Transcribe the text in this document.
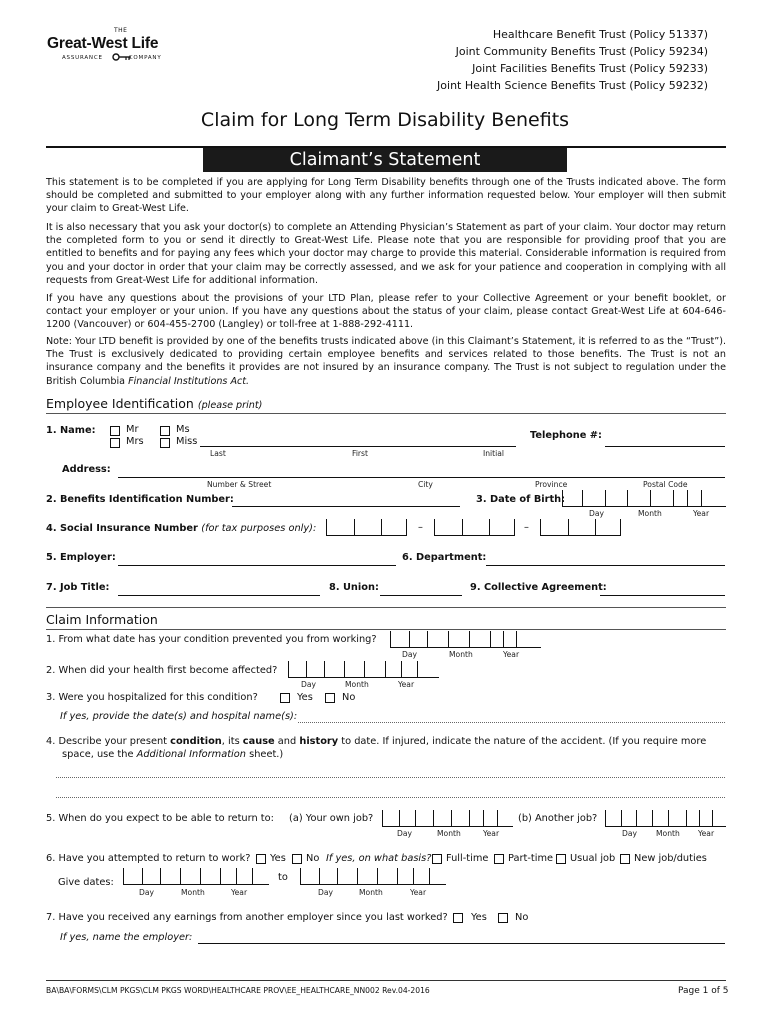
THE
Great-West Life
ASSURANCE	COMPANY
Healthcare Benefit Trust (Policy 51337)
Joint Community Benefits Trust (Policy 59234)
Joint Facilities Benefits Trust (Policy 59233)
Joint Health Science Benefits Trust (Policy 59232)
Claim for Long Term Disability Benefits
Claimant’s Statement
This statement is to be completed if you are applying for Long Term Disability benefits through one of the Trusts indicated above. The form should be completed and submitted to your employer along with any further information requested below. Your employer will then submit your claim to Great-West Life.
It is also necessary that you ask your doctor(s) to complete an Attending Physician’s Statement as part of your claim. Your doctor may return the completed form to you or send it directly to Great-West Life. Please note that you are responsible for providing proof that you are entitled to benefits and for paying any fees which your doctor may charge to provide this material. Considerable information is required from you and your doctor in order that your claim may be correctly assessed, and we ask for your patience and cooperation in complying with all requests from Great-West Life for additional information.
If you have any questions about the provisions of your LTD Plan, please refer to your Collective Agreement or your benefit booklet, or contact your employer or your union. If you have any questions about the status of your claim, please contact Great-West Life at 604-646-1200 (Vancouver) or 604-455-2700 (Langley) or toll-free at 1-888-292-4111.
Note: Your LTD benefit is provided by one of the benefits trusts indicated above (in this Claimant’s Statement, it is referred to as the “Trust”). The Trust is exclusively dedicated to providing certain employee benefits and services related to those benefits. The Trust is not an insurance company and the benefits it provides are not insured by an insurance company. The Trust is not subject to regulation under the British Columbia Financial Institutions Act.
Employee Identification (please print)
1. Name:	Mr	Ms
Mrs	Miss
Last	First	Initial
Telephone #:
Address:
Number & Street	City	Province	Postal Code
2. Benefits Identification Number:	3. Date of Birth:
Day	Month	Year
4. Social Insurance Number (for tax purposes only):	–	–
5. Employer:	6. Department:
7. Job Title:	8. Union:	9. Collective Agreement:
Claim Information
1. From what date has your condition prevented you from working?
Day	Month	Year
2. When did your health first become affected?
Day	Month	Year
3. Were you hospitalized for this condition?	Yes	No
If yes, provide the date(s) and hospital name(s):
4. Describe your present condition, its cause and history to date. If injured, indicate the nature of the accident. (If you require more
space, use the Additional Information sheet.)
5. When do you expect to be able to return to: (a) Your own job?
Day	Month	Year
(b) Another job?
Day	Month Year
6. Have you attempted to return to work? Yes No If yes, on what basis? Full-time Part-time Usual job New job/duties
Give dates:
Day	Month	Year
to
Day	Month	Year
7. Have you received any earnings from another employer since you last worked? Yes	No
If yes, name the employer:
BA\BA\FORMS\CLM PKGS\CLM PKGS WORD\HEALTHCARE PROV\EE_HEALTHCARE_NN002 Rev.04-2016	Page 1 of 5
